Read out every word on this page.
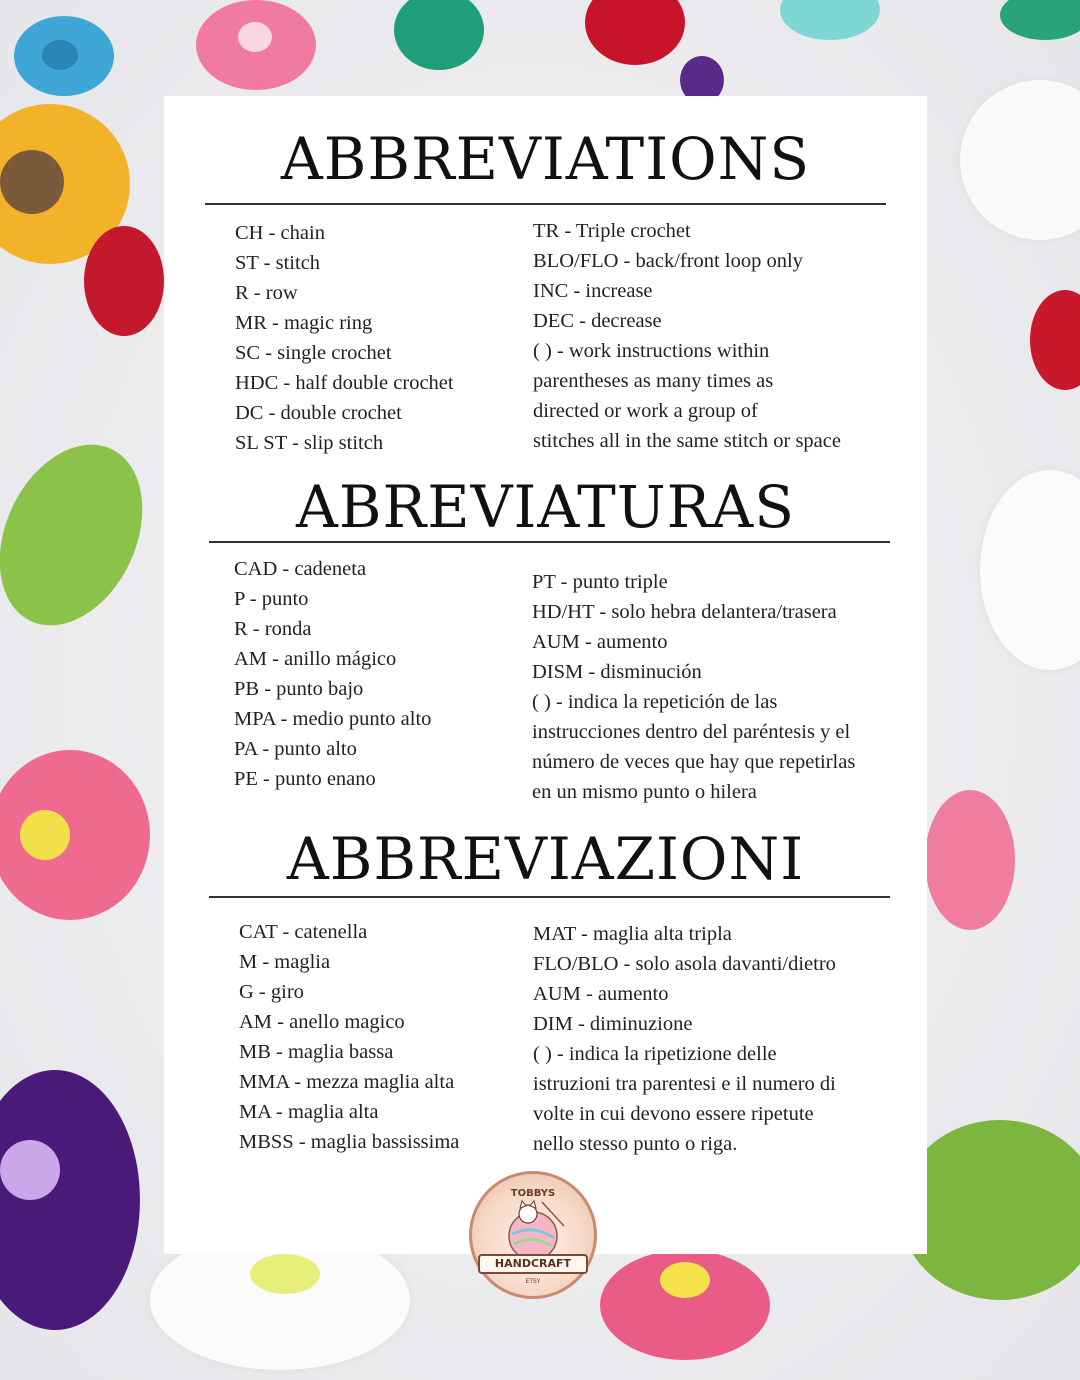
ABBREVIATIONS
CH - chain
ST - stitch
R - row
MR - magic ring
SC - single crochet
HDC - half double crochet
DC - double crochet
SL ST - slip stitch
TR - Triple crochet
BLO/FLO - back/front loop only
INC - increase
DEC - decrease
( ) - work instructions within
parentheses as many times as
directed or work a group of
stitches all in the same stitch or space
ABREVIATURAS
CAD - cadeneta
P - punto
R - ronda
AM - anillo mágico
PB - punto bajo
MPA - medio punto alto
PA - punto alto
PE - punto enano
PT - punto triple
HD/HT - solo hebra delantera/trasera
AUM - aumento
DISM - disminución
( ) - indica la repetición de las
instrucciones dentro del paréntesis y el
número de veces que hay que repetirlas
en un mismo punto o hilera
ABBREVIAZIONI
CAT - catenella
M - maglia
G - giro
AM - anello magico
MB - maglia bassa
MMA - mezza maglia alta
MA - maglia alta
MBSS - maglia bassissima
MAT - maglia alta tripla
FLO/BLO - solo asola davanti/dietro
AUM - aumento
DIM - diminuzione
( ) - indica la ripetizione delle
istruzioni tra parentesi e il numero di
volte in cui devono essere ripetute
nello stesso punto o riga.
TOBBYS
HANDCRAFT
ETSY
